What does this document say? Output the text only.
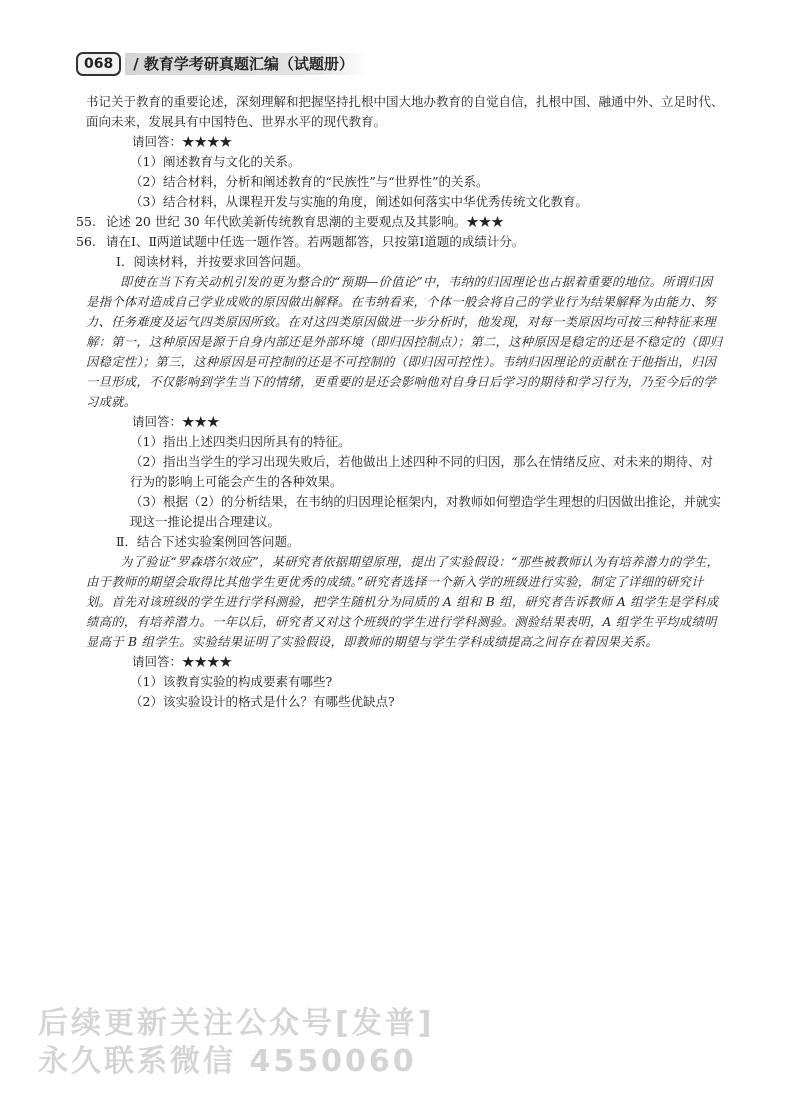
068	/ 教育学考研真题汇编（试题册）

书记关于教育的重要论述，深刻理解和把握坚持扎根中国大地办教育的自觉自信，扎根中国、融通中外、立足时代、面向未来，发展具有中国特色、世界水平的现代教育。

请回答：★★★★

（1）阐述教育与文化的关系。

（2）结合材料，分析和阐述教育的“民族性”与“世界性”的关系。

（3）结合材料，从课程开发与实施的角度，阐述如何落实中华优秀传统文化教育。

55. 论述 20 世纪 30 年代欧美新传统教育思潮的主要观点及其影响。★★★

56. 请在Ⅰ、Ⅱ两道试题中任选一题作答。若两题都答，只按第Ⅰ道题的成绩计分。

Ⅰ．阅读材料，并按要求回答问题。

即使在当下有关动机引发的更为整合的“预期—价值论”中，韦纳的归因理论也占据着重要的地位。所谓归因是指个体对造成自己学业成败的原因做出解释。在韦纳看来，个体一般会将自己的学业行为结果解释为由能力、努力、任务难度及运气四类原因所致。在对这四类原因做进一步分析时，他发现，对每一类原因均可按三种特征来理解：第一，这种原因是源于自身内部还是外部环境（即归因控制点）；第二，这种原因是稳定的还是不稳定的（即归因稳定性）；第三，这种原因是可控制的还是不可控制的（即归因可控性）。韦纳归因理论的贡献在于他指出，归因一旦形成，不仅影响到学生当下的情绪，更重要的是还会影响他对自身日后学习的期待和学习行为，乃至今后的学习成就。

请回答：★★★

（1）指出上述四类归因所具有的特征。

（2）指出当学生的学习出现失败后，若他做出上述四种不同的归因，那么在情绪反应、对未来的期待、对行为的影响上可能会产生的各种效果。

（3）根据（2）的分析结果，在韦纳的归因理论框架内，对教师如何塑造学生理想的归因做出推论，并就实现这一推论提出合理建议。

Ⅱ．结合下述实验案例回答问题。

为了验证“罗森塔尔效应”，某研究者依据期望原理，提出了实验假设：“那些被教师认为有培养潜力的学生，由于教师的期望会取得比其他学生更优秀的成绩。”研究者选择一个新入学的班级进行实验，制定了详细的研究计划。首先对该班级的学生进行学科测验，把学生随机分为同质的 A 组和 B 组，研究者告诉教师 A 组学生是学科成绩高的，有培养潜力。一年以后，研究者又对这个班级的学生进行学科测验。测验结果表明，A 组学生平均成绩明显高于 B 组学生。实验结果证明了实验假设，即教师的期望与学生学科成绩提高之间存在着因果关系。

请回答：★★★★

（1）该教育实验的构成要素有哪些?

（2）该实验设计的格式是什么？有哪些优缺点?

后续更新关注公众号[发普]
永久联系微信 4550060
